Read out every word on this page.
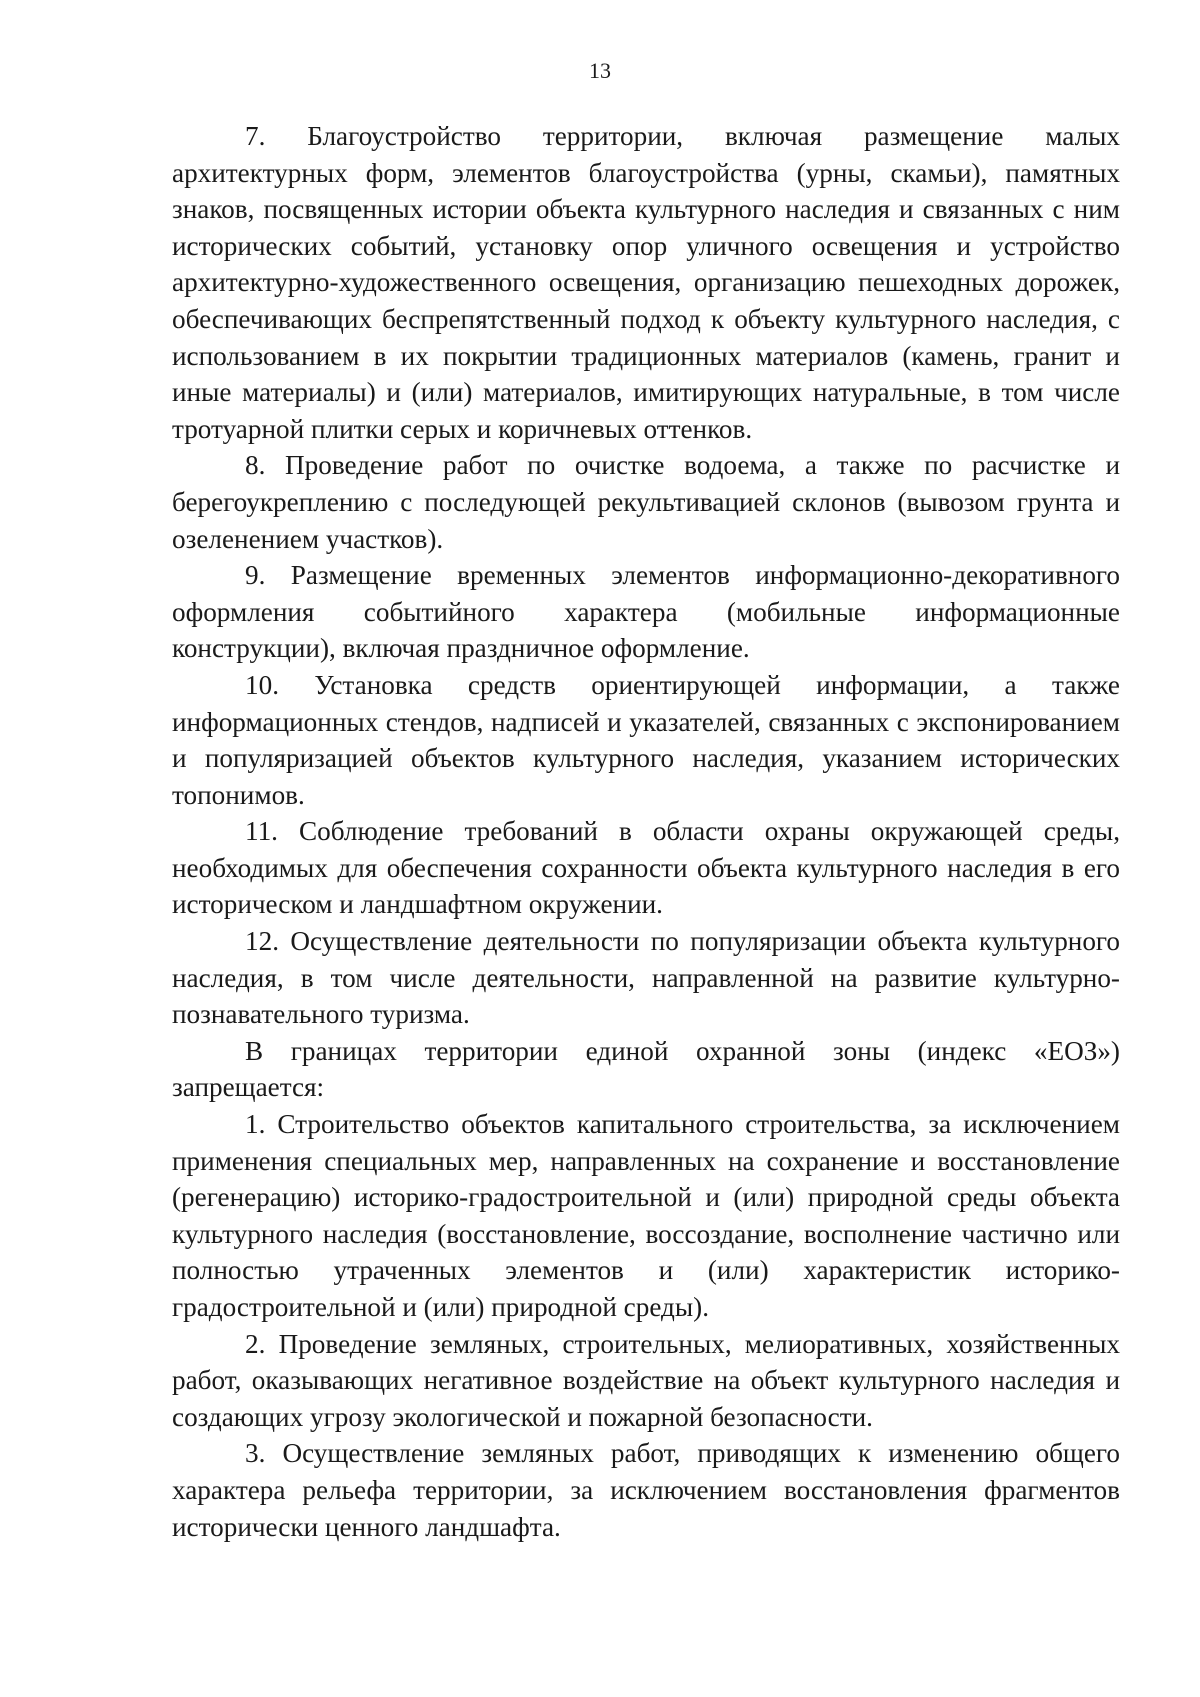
13

7. Благоустройство территории, включая размещение малых архитектурных форм, элементов благоустройства (урны, скамьи), памятных знаков, посвященных истории объекта культурного наследия и связанных с ним исторических событий, установку опор уличного освещения и устройство архитектурно-художественного освещения, организацию пешеходных дорожек, обеспечивающих беспрепятственный подход к объекту культурного наследия, с использованием в их покрытии традиционных материалов (камень, гранит и иные материалы) и (или) материалов, имитирующих натуральные, в том числе тротуарной плитки серых и коричневых оттенков.

8. Проведение работ по очистке водоема, а также по расчистке и берегоукреплению с последующей рекультивацией склонов (вывозом грунта и озеленением участков).

9. Размещение временных элементов информационно-декоративного оформления событийного характера (мобильные информационные конструкции), включая праздничное оформление.

10. Установка средств ориентирующей информации, а также информационных стендов, надписей и указателей, связанных с экспонированием и популяризацией объектов культурного наследия, указанием исторических топонимов.

11. Соблюдение требований в области охраны окружающей среды, необходимых для обеспечения сохранности объекта культурного наследия в его историческом и ландшафтном окружении.

12. Осуществление деятельности по популяризации объекта культурного наследия, в том числе деятельности, направленной на развитие культурно-познавательного туризма.

В границах территории единой охранной зоны (индекс «ЕОЗ») запрещается:

1. Строительство объектов капитального строительства, за исключением применения специальных мер, направленных на сохранение и восстановление (регенерацию) историко-градостроительной и (или) природной среды объекта культурного наследия (восстановление, воссоздание, восполнение частично или полностью утраченных элементов и (или) характеристик историко-градостроительной и (или) природной среды).

2. Проведение земляных, строительных, мелиоративных, хозяйственных работ, оказывающих негативное воздействие на объект культурного наследия и создающих угрозу экологической и пожарной безопасности.

3. Осуществление земляных работ, приводящих к изменению общего характера рельефа территории, за исключением восстановления фрагментов исторически ценного ландшафта.
